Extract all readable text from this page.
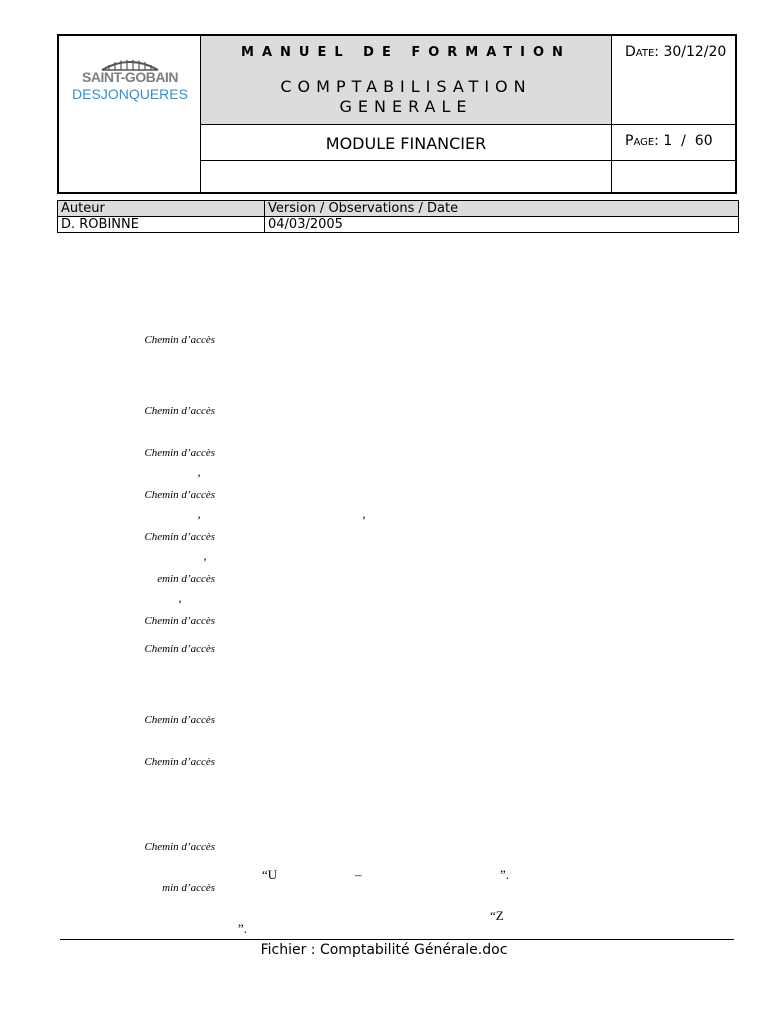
SAINT-GOBAIN
DESJONQUERES
MANUEL DE FORMATION
COMPTABILISATION
GENERALE
Date: 30/12/20
MODULE FINANCIER	Page: 1  /  60
Auteur	Version / Observations / Date
D. ROBINNE	04/03/2005
Chemin d’accès
Chemin d’accès
Chemin d’accès
Chemin d’accès
Chemin d’accès
emin d’accès
Chemin d’accès
Chemin d’accès
Chemin d’accès
Chemin d’accès
Chemin d’accès
min d’accès
’
’	’
’
’
“U	–	”.
“Z
”.
Fichier : Comptabilité Générale.doc
